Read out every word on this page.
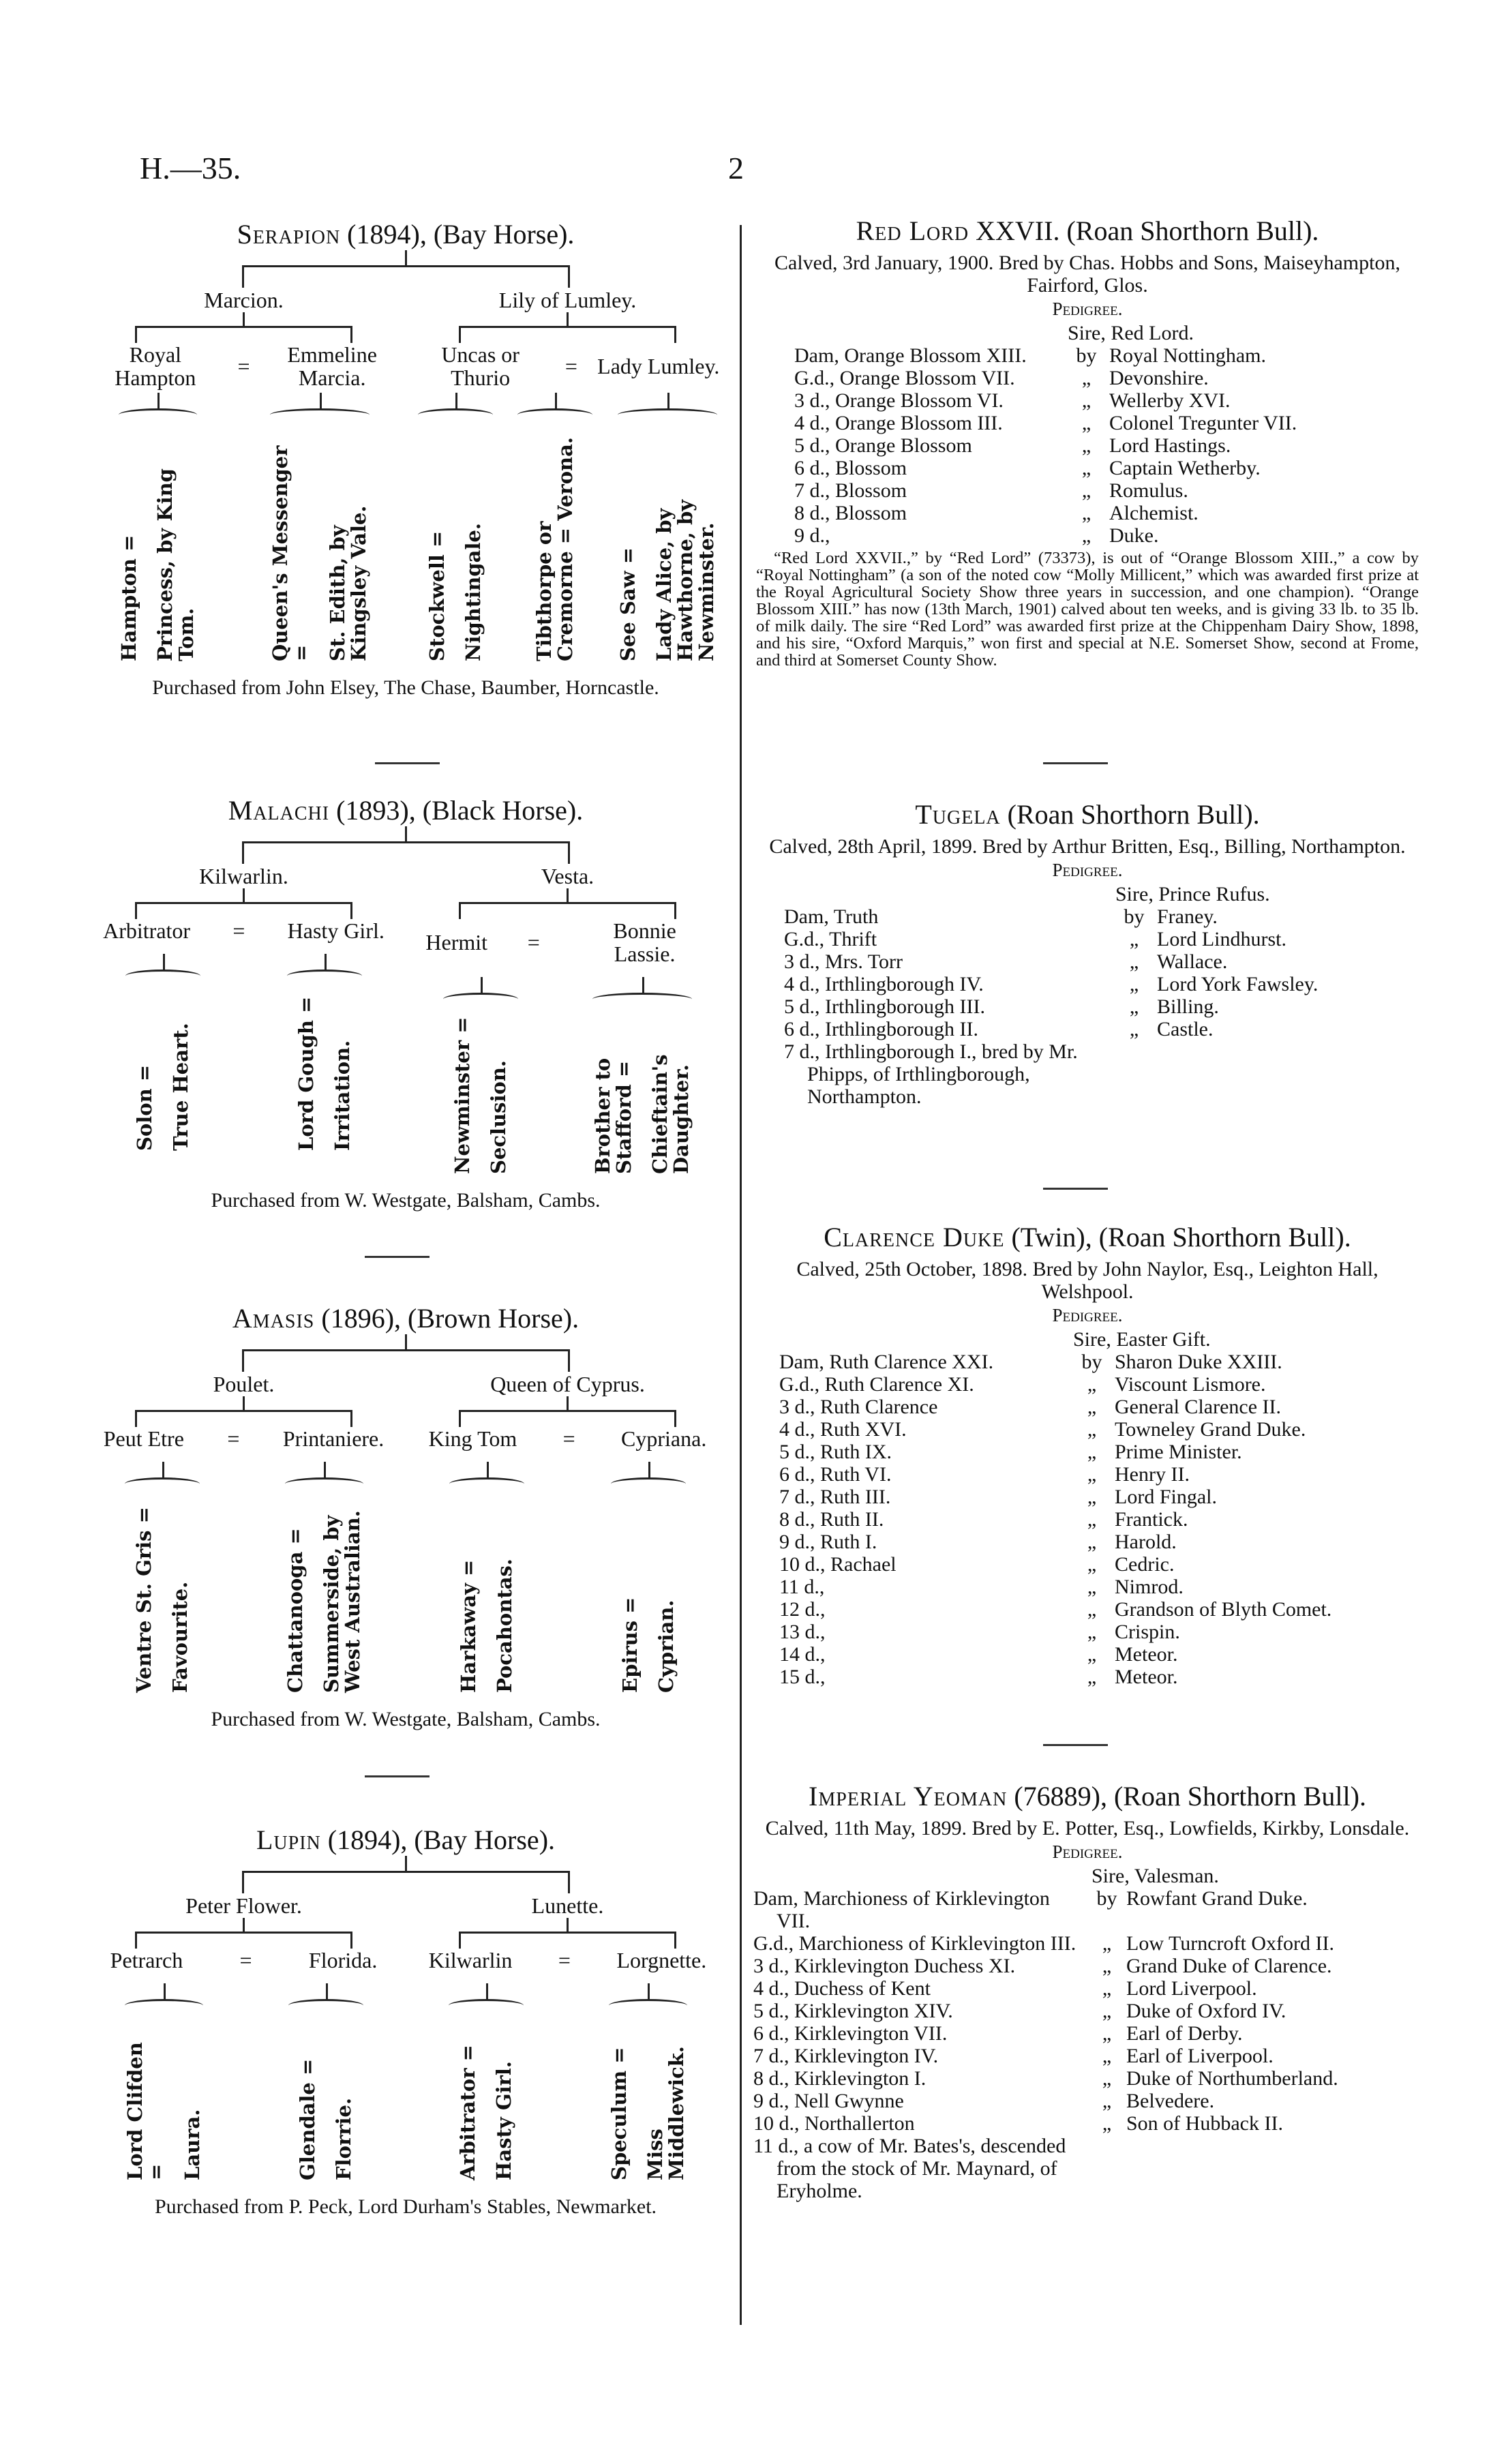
H.—35.	2
Serapion (1894), (Bay Horse).
Marcion.
Royal Hampton	=	Emmeline Marcia.
Hampton = Princess, by King Tom.	Queen's Messenger = St. Edith, by Kingsley Vale.
Lily of Lumley.
Uncas or Thurio	= Lady Lumley.
Stockwell = Nightingale. Tibthorpe or Cremorne = Verona. See Saw = Lady Alice, by Hawthorne, by Newminster.
Purchased from John Elsey, The Chase, Baumber, Horncastle.
Malachi (1893), (Black Horse).
Kilwarlin.
Arbitrator = Hasty Girl.
Solon = True Heart.	Lord Gough = Irritation.
Vesta.
Hermit =	Bonnie Lassie.
Newminster = Seclusion.	Brother to Stafford = Chieftain's Daughter.
Purchased from W. Westgate, Balsham, Cambs.
Amasis (1896), (Brown Horse).
Poulet.
Peut Etre = Printaniere.
Ventre St. Gris = Favourite.	Chattanooga = Summerside, by West Australian.
Queen of Cyprus.
King Tom = Cypriana.
Harkaway = Pocahontas.	Epirus = Cyprian.
Purchased from W. Westgate, Balsham, Cambs.
Lupin (1894), (Bay Horse).
Peter Flower.
Petrarch	=	Florida.
Lord Clifden = Laura.	Glendale = Florrie.
Lunette.
Kilwarlin = Lorgnette.
Arbitrator = Hasty Girl.	Speculum = Miss Middlewick.
Purchased from P. Peck, Lord Durham's Stables, Newmarket.
Red Lord XXVII. (Roan Shorthorn Bull).
Calved, 3rd January, 1900. Bred by Chas. Hobbs and Sons, Maiseyhampton, Fairford, Glos.
Pedigree.
Sire, Red Lord.
Dam, Orange Blossom XIII.	by Royal Nottingham.
G.d., Orange Blossom VII.	„ Devonshire.
3 d., Orange Blossom VI.	„ Wellerby XVI.
4 d., Orange Blossom III.	„ Colonel Tregunter VII.
5 d., Orange Blossom	„ Lord Hastings.
6 d., Blossom	„ Captain Wetherby.
7 d., Blossom	„ Romulus.
8 d., Blossom	„ Alchemist.
9 d.,	„ Duke.
“Red Lord XXVII.,” by “Red Lord” (73373), is out of “Orange Blossom XIII.,” a cow by “Royal Nottingham” (a son of the noted cow “Molly Millicent,” which was awarded first prize at the Royal Agricultural Society Show three years in succession, and one champion). “Orange Blossom XIII.” has now (13th March, 1901) calved about ten weeks, and is giving 33 lb. to 35 lb. of milk daily. The sire “Red Lord” was awarded first prize at the Chippenham Dairy Show, 1898, and his sire, “Oxford Marquis,” won first and special at N.E. Somerset Show, second at Frome, and third at Somerset County Show.
Tugela (Roan Shorthorn Bull).
Calved, 28th April, 1899. Bred by Arthur Britten, Esq., Billing, Northampton.
Pedigree.
Sire, Prince Rufus.
Dam, Truth	by Franey.
G.d., Thrift	„ Lord Lindhurst.
3 d., Mrs. Torr	„ Wallace.
4 d., Irthlingborough IV.	„ Lord York Fawsley.
5 d., Irthlingborough III.	„ Billing.
6 d., Irthlingborough II.	„ Castle.
7 d., Irthlingborough I., bred by Mr. Phipps, of Irthlingborough, Northampton.
Clarence Duke (Twin), (Roan Shorthorn Bull).
Calved, 25th October, 1898. Bred by John Naylor, Esq., Leighton Hall, Welshpool.
Pedigree.
Sire, Easter Gift.
Dam, Ruth Clarence XXI.	by Sharon Duke XXIII.
G.d., Ruth Clarence XI.	„ Viscount Lismore.
3 d., Ruth Clarence	„ General Clarence II.
4 d., Ruth XVI.	„ Towneley Grand Duke.
5 d., Ruth IX.	„ Prime Minister.
6 d., Ruth VI.	„ Henry II.
7 d., Ruth III.	„ Lord Fingal.
8 d., Ruth II.	„ Frantick.
9 d., Ruth I.	„ Harold.
10 d., Rachael	„ Cedric.
11 d.,	„ Nimrod.
12 d.,	„ Grandson of Blyth Comet.
13 d.,	„ Crispin.
14 d.,	„ Meteor.
15 d.,	„ Meteor.
Imperial Yeoman (76889), (Roan Shorthorn Bull).
Calved, 11th May, 1899. Bred by E. Potter, Esq., Lowfields, Kirkby, Lonsdale.
Pedigree.
Sire, Valesman.
Dam, Marchioness of Kirklevington VII.
by Rowfant Grand Duke.
G.d., Marchioness of Kirklevington III.	„ Low Turncroft Oxford II.
3 d., Kirklevington Duchess XI.	„ Grand Duke of Clarence.
4 d., Duchess of Kent	„ Lord Liverpool.
5 d., Kirklevington XIV.	„ Duke of Oxford IV.
6 d., Kirklevington VII.	„ Earl of Derby.
7 d., Kirklevington IV.	„ Earl of Liverpool.
8 d., Kirklevington I.	„ Duke of Northumberland.
9 d., Nell Gwynne	„ Belvedere.
10 d., Northallerton	„ Son of Hubback II.
11 d., a cow of Mr. Bates's, descended from the stock of Mr. Maynard, of Eryholme.
